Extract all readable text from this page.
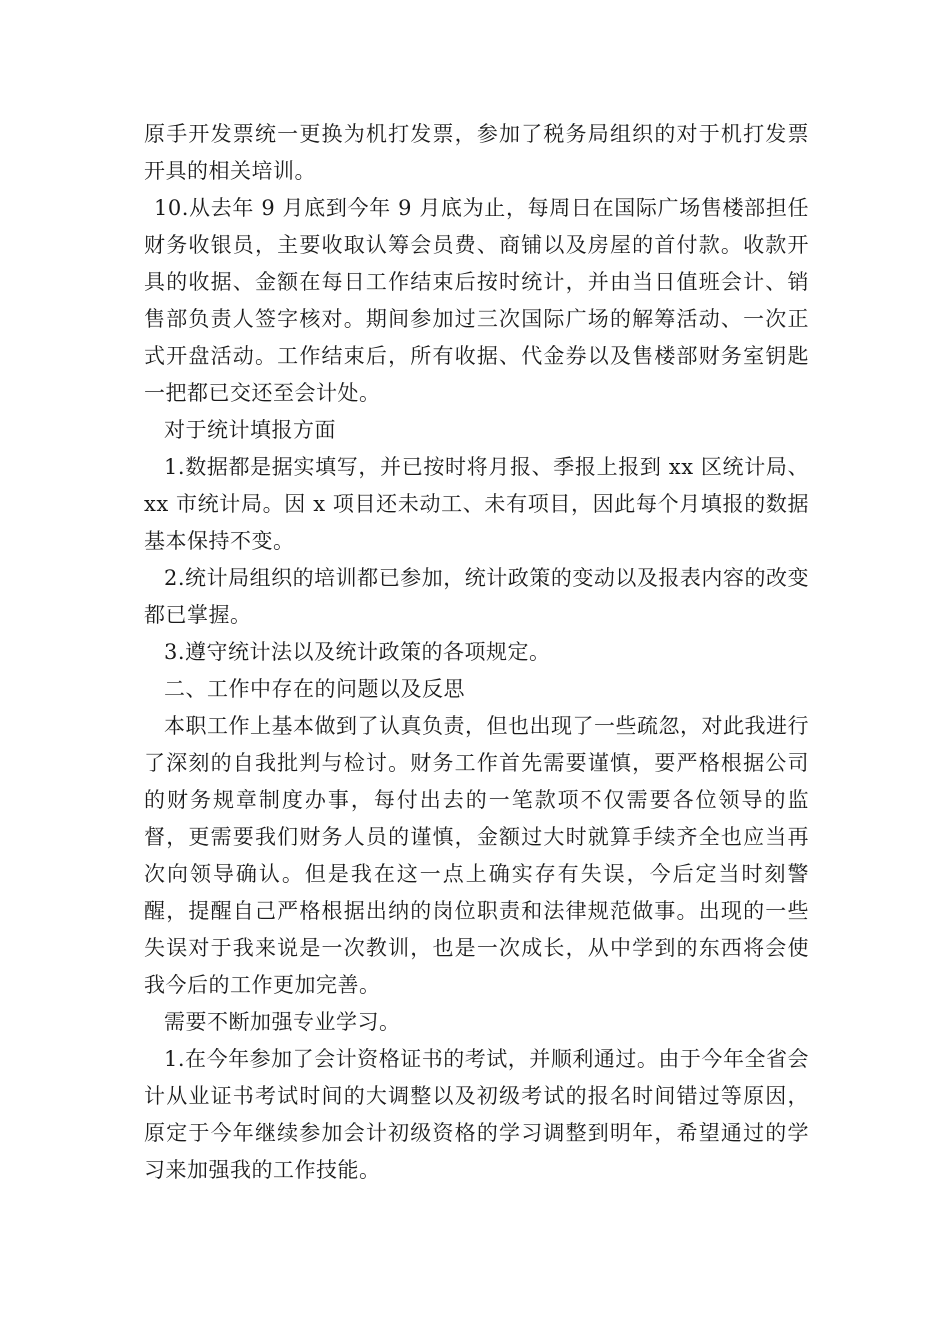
原手开发票统一更换为机打发票，参加了税务局组织的对于机打发票开具的相关培训。

10.从去年 9 月底到今年 9 月底为止，每周日在国际广场售楼部担任财务收银员，主要收取认筹会员费、商铺以及房屋的首付款。收款开具的收据、金额在每日工作结束后按时统计，并由当日值班会计、销售部负责人签字核对。期间参加过三次国际广场的解筹活动、一次正式开盘活动。工作结束后，所有收据、代金券以及售楼部财务室钥匙一把都已交还至会计处。

对于统计填报方面

1.数据都是据实填写，并已按时将月报、季报上报到 xx 区统计局、xx 市统计局。因 x 项目还未动工、未有项目，因此每个月填报的数据基本保持不变。

2.统计局组织的培训都已参加，统计政策的变动以及报表内容的改变都已掌握。

3.遵守统计法以及统计政策的各项规定。

二、工作中存在的问题以及反思

本职工作上基本做到了认真负责，但也出现了一些疏忽，对此我进行了深刻的自我批判与检讨。财务工作首先需要谨慎，要严格根据公司的财务规章制度办事，每付出去的一笔款项不仅需要各位领导的监督，更需要我们财务人员的谨慎，金额过大时就算手续齐全也应当再次向领导确认。但是我在这一点上确实存有失误，今后定当时刻警醒，提醒自己严格根据出纳的岗位职责和法律规范做事。出现的一些失误对于我来说是一次教训，也是一次成长，从中学到的东西将会使我今后的工作更加完善。

需要不断加强专业学习。

1.在今年参加了会计资格证书的考试，并顺利通过。由于今年全省会计从业证书考试时间的大调整以及初级考试的报名时间错过等原因，原定于今年继续参加会计初级资格的学习调整到明年，希望通过的学习来加强我的工作技能。
